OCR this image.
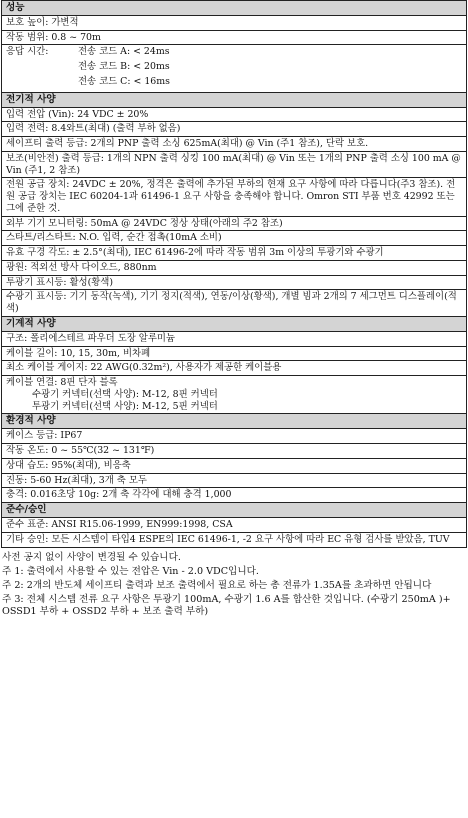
성능
보호 높이: 가변적
작동 범위: 0.8 ~ 70m

응답 시간:	전송 코드 A: < 24ms
전송 코드 B: < 20ms
전송 코드 C: < 16ms

전기적 사양
입력 전압 (Vin): 24 VDC ± 20%
입력 전력: 8.4와트(최대) (출력 부하 없음)
세이프티 출력 등급: 2개의 PNP 출력 소싱 625mA(최대) @ Vin (주1 참조), 단락 보호.
보조(비안전) 출력 등급: 1개의 NPN 출력 싱킹 100 mA(최대) @ Vin 또는 1개의 PNP 출력 소싱 100 mA @ Vin (주1, 2 참조)
전원 공급 장치: 24VDC ± 20%, 정격은 출력에 추가된 부하의 현재 요구 사항에 따라 다릅니다(주3 참조). 전원 공급 장치는 IEC 60204-1과 61496-1 요구 사항을 충족해야 합니다. Omron STI 부품 번호 42992 또는 그에 준한 것.
외부 기기 모니터링: 50mA @ 24VDC 정상 상태(아래의 주2 참조)
스타트/리스타트: N.O. 입력, 순간 접촉(10mA 소비)
유효 구경 각도: ± 2.5°(최대), IEC 61496-2에 따라 작동 범위 3m 이상의 투광기와 수광기
광원: 적외선 방사 다이오드, 880nm
투광기 표시등: 활성(황색)
수광기 표시등: 기기 동작(녹색), 기기 정지(적색), 연동/이상(황색), 개별 빔과 2개의 7 세그먼트 디스플레이(적색)
기계적 사양
구조: 폴리에스테르 파우더 도장 알루미늄
케이블 길이: 10, 15, 30m, 비차폐
최소 케이블 게이지: 22 AWG(0.32m²), 사용자가 제공한 케이블용

케이블 연결: 8핀 단자 블록
수광기 커넥터(선택 사양): M-12, 8핀 커넥터
투광기 커넥터(선택 사양): M-12, 5핀 커넥터

환경적 사양
케이스 등급: IP67
작동 온도: 0 ~ 55℃(32 ~ 131℉)
상대 습도: 95%(최대), 비응축
진동: 5-60 Hz(최대), 3개 축 모두
충격: 0.016초당 10g: 2개 축 각각에 대해 충격 1,000
준수/승인
준수 표준: ANSI R15.06-1999, EN999:1998, CSA
기타 승인: 모든 시스템이 타입4 ESPE의 IEC 61496-1, -2 요구 사항에 따라 EC 유형 검사를 받았음, TUV
사전 공지 없이 사양이 변경될 수 있습니다.
주 1: 출력에서 사용할 수 있는 전압은 Vin - 2.0 VDC입니다.
주 2: 2개의 반도체 세이프티 출력과 보조 출력에서 필요로 하는 총 전류가 1.35A를 초과하면 안됩니다
주 3: 전체 시스템 전류 요구 사항은 투광기 100mA, 수광기 1.6 A를 합산한 것입니다. (수광기 250mA )+ OSSD1 부하 + OSSD2 부하 + 보조 출력 부하)
